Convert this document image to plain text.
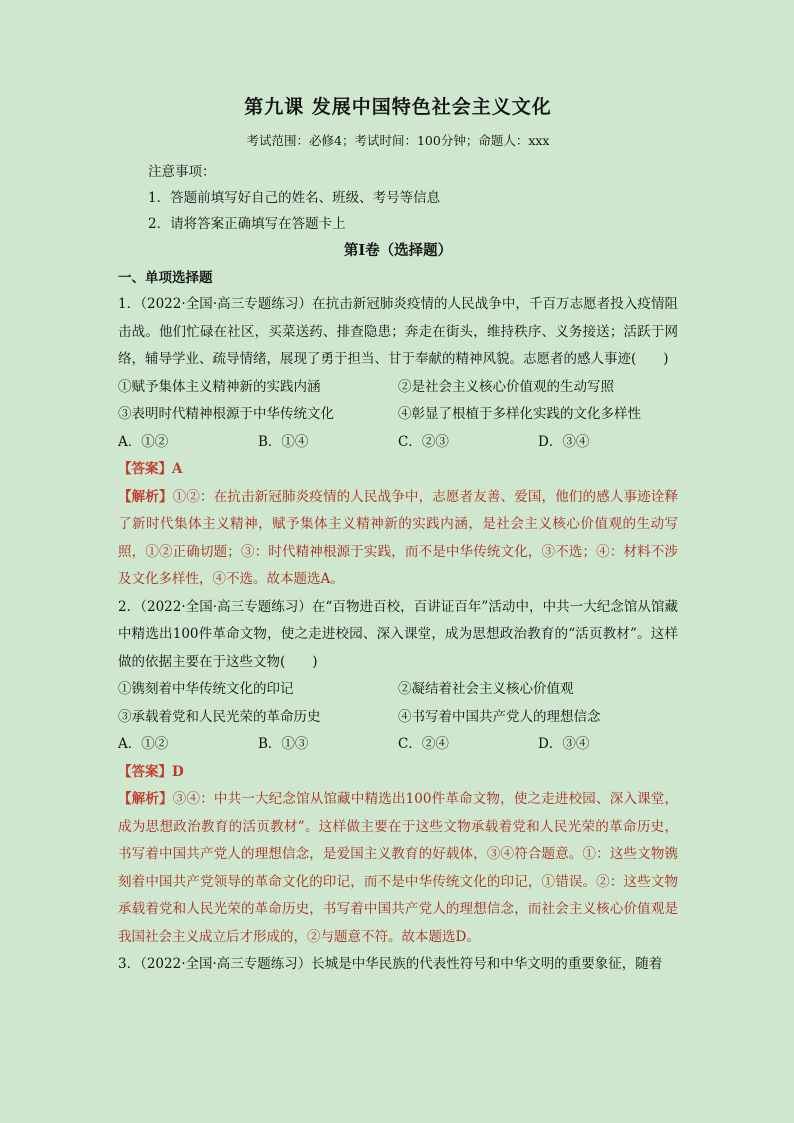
第九课 发展中国特色社会主义文化
考试范围：必修4；考试时间：100分钟；命题人：xxx
注意事项：
1．答题前填写好自己的姓名、班级、考号等信息
2．请将答案正确填写在答题卡上
第Ⅰ卷（选择题）
一、单项选择题
1．（2022·全国·高三专题练习）在抗击新冠肺炎疫情的人民战争中，千百万志愿者投入疫情阻击战。他们忙碌在社区，买菜送药、排查隐患；奔走在街头，维持秩序、义务接送；活跃于网络，辅导学业、疏导情绪，展现了勇于担当、甘于奉献的精神风貌。志愿者的感人事迹(　　)
①赋予集体主义精神新的实践内涵	②是社会主义核心价值观的生动写照
③表明时代精神根源于中华传统文化	④彰显了根植于多样化实践的文化多样性
A．①②	B．①④	C．②③	D．③④
【答案】A
【解析】①②：在抗击新冠肺炎疫情的人民战争中，志愿者友善、爱国，他们的感人事迹诠释了新时代集体主义精神，赋予集体主义精神新的实践内涵，是社会主义核心价值观的生动写照，①②正确切题；③：时代精神根源于实践，而不是中华传统文化，③不选；④：材料不涉及文化多样性，④不选。故本题选A。
2．（2022·全国·高三专题练习）在“百物进百校，百讲证百年”活动中，中共一大纪念馆从馆藏中精选出100件革命文物，使之走进校园、深入课堂，成为思想政治教育的“活页教材”。这样做的依据主要在于这些文物(　　)
①镌刻着中华传统文化的印记	②凝结着社会主义核心价值观
③承载着党和人民光荣的革命历史	④书写着中国共产党人的理想信念
A．①②	B．①③	C．②④	D．③④
【答案】D
【解析】③④：中共一大纪念馆从馆藏中精选出100件革命文物，使之走进校园、深入课堂，成为思想政治教育的活页教材”。这样做主要在于这些文物承载着党和人民光荣的革命历史，书写着中国共产党人的理想信念，是爱国主义教育的好载体，③④符合题意。①：这些文物镌刻着中国共产党领导的革命文化的印记，而不是中华传统文化的印记，①错误。②：这些文物承载着党和人民光荣的革命历史，书写着中国共产党人的理想信念，而社会主义核心价值观是我国社会主义成立后才形成的，②与题意不符。故本题选D。
3．（2022·全国·高三专题练习）长城是中华民族的代表性符号和中华文明的重要象征，随着
